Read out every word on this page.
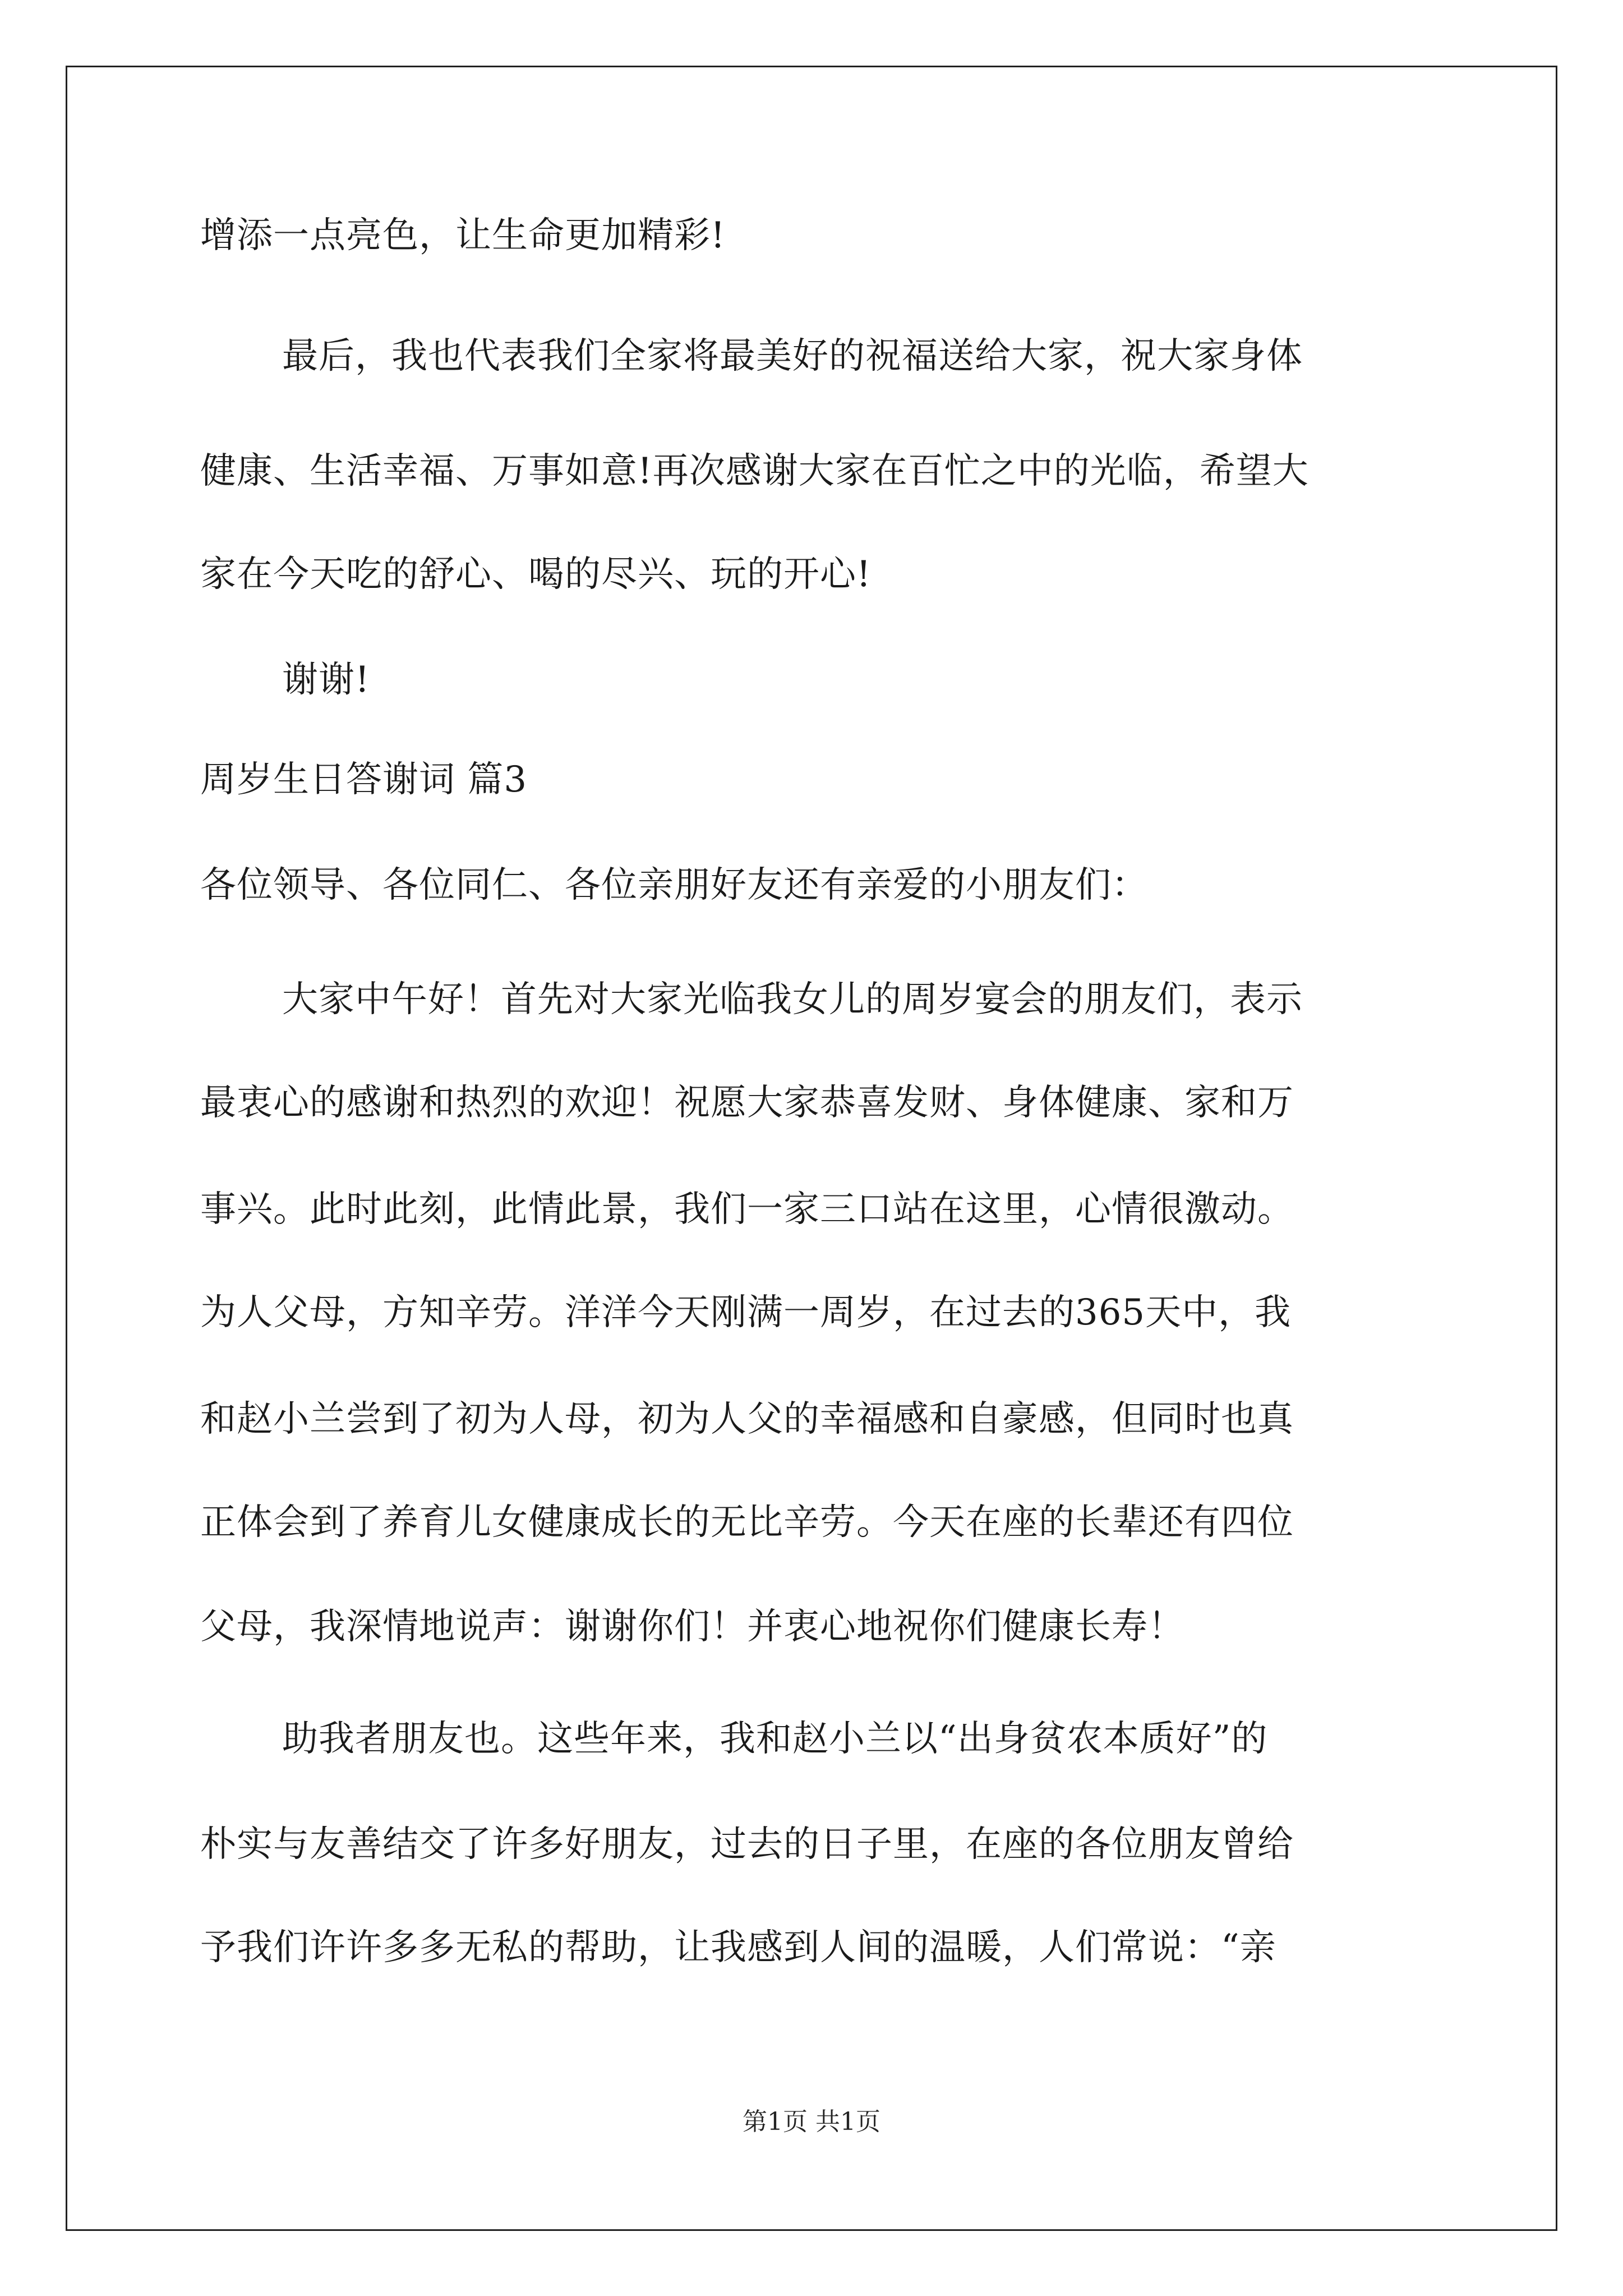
增添一点亮色，让生命更加精彩!
最后，我也代表我们全家将最美好的祝福送给大家，祝大家身体
健康、生活幸福、万事如意!再次感谢大家在百忙之中的光临，希望大
家在今天吃的舒心、喝的尽兴、玩的开心!
谢谢!
周岁生日答谢词 篇3
各位领导、各位同仁、各位亲朋好友还有亲爱的小朋友们：
大家中午好！首先对大家光临我女儿的周岁宴会的朋友们，表示
最衷心的感谢和热烈的欢迎！祝愿大家恭喜发财、身体健康、家和万
事兴。此时此刻，此情此景，我们一家三口站在这里，心情很激动。
为人父母，方知辛劳。洋洋今天刚满一周岁，在过去的365天中，我
和赵小兰尝到了初为人母，初为人父的幸福感和自豪感，但同时也真
正体会到了养育儿女健康成长的无比辛劳。今天在座的长辈还有四位
父母，我深情地说声：谢谢你们！并衷心地祝你们健康长寿！
助我者朋友也。这些年来，我和赵小兰以“出身贫农本质好”的
朴实与友善结交了许多好朋友，过去的日子里，在座的各位朋友曾给
予我们许许多多无私的帮助，让我感到人间的温暖，人们常说：“亲
第1页 共1页
